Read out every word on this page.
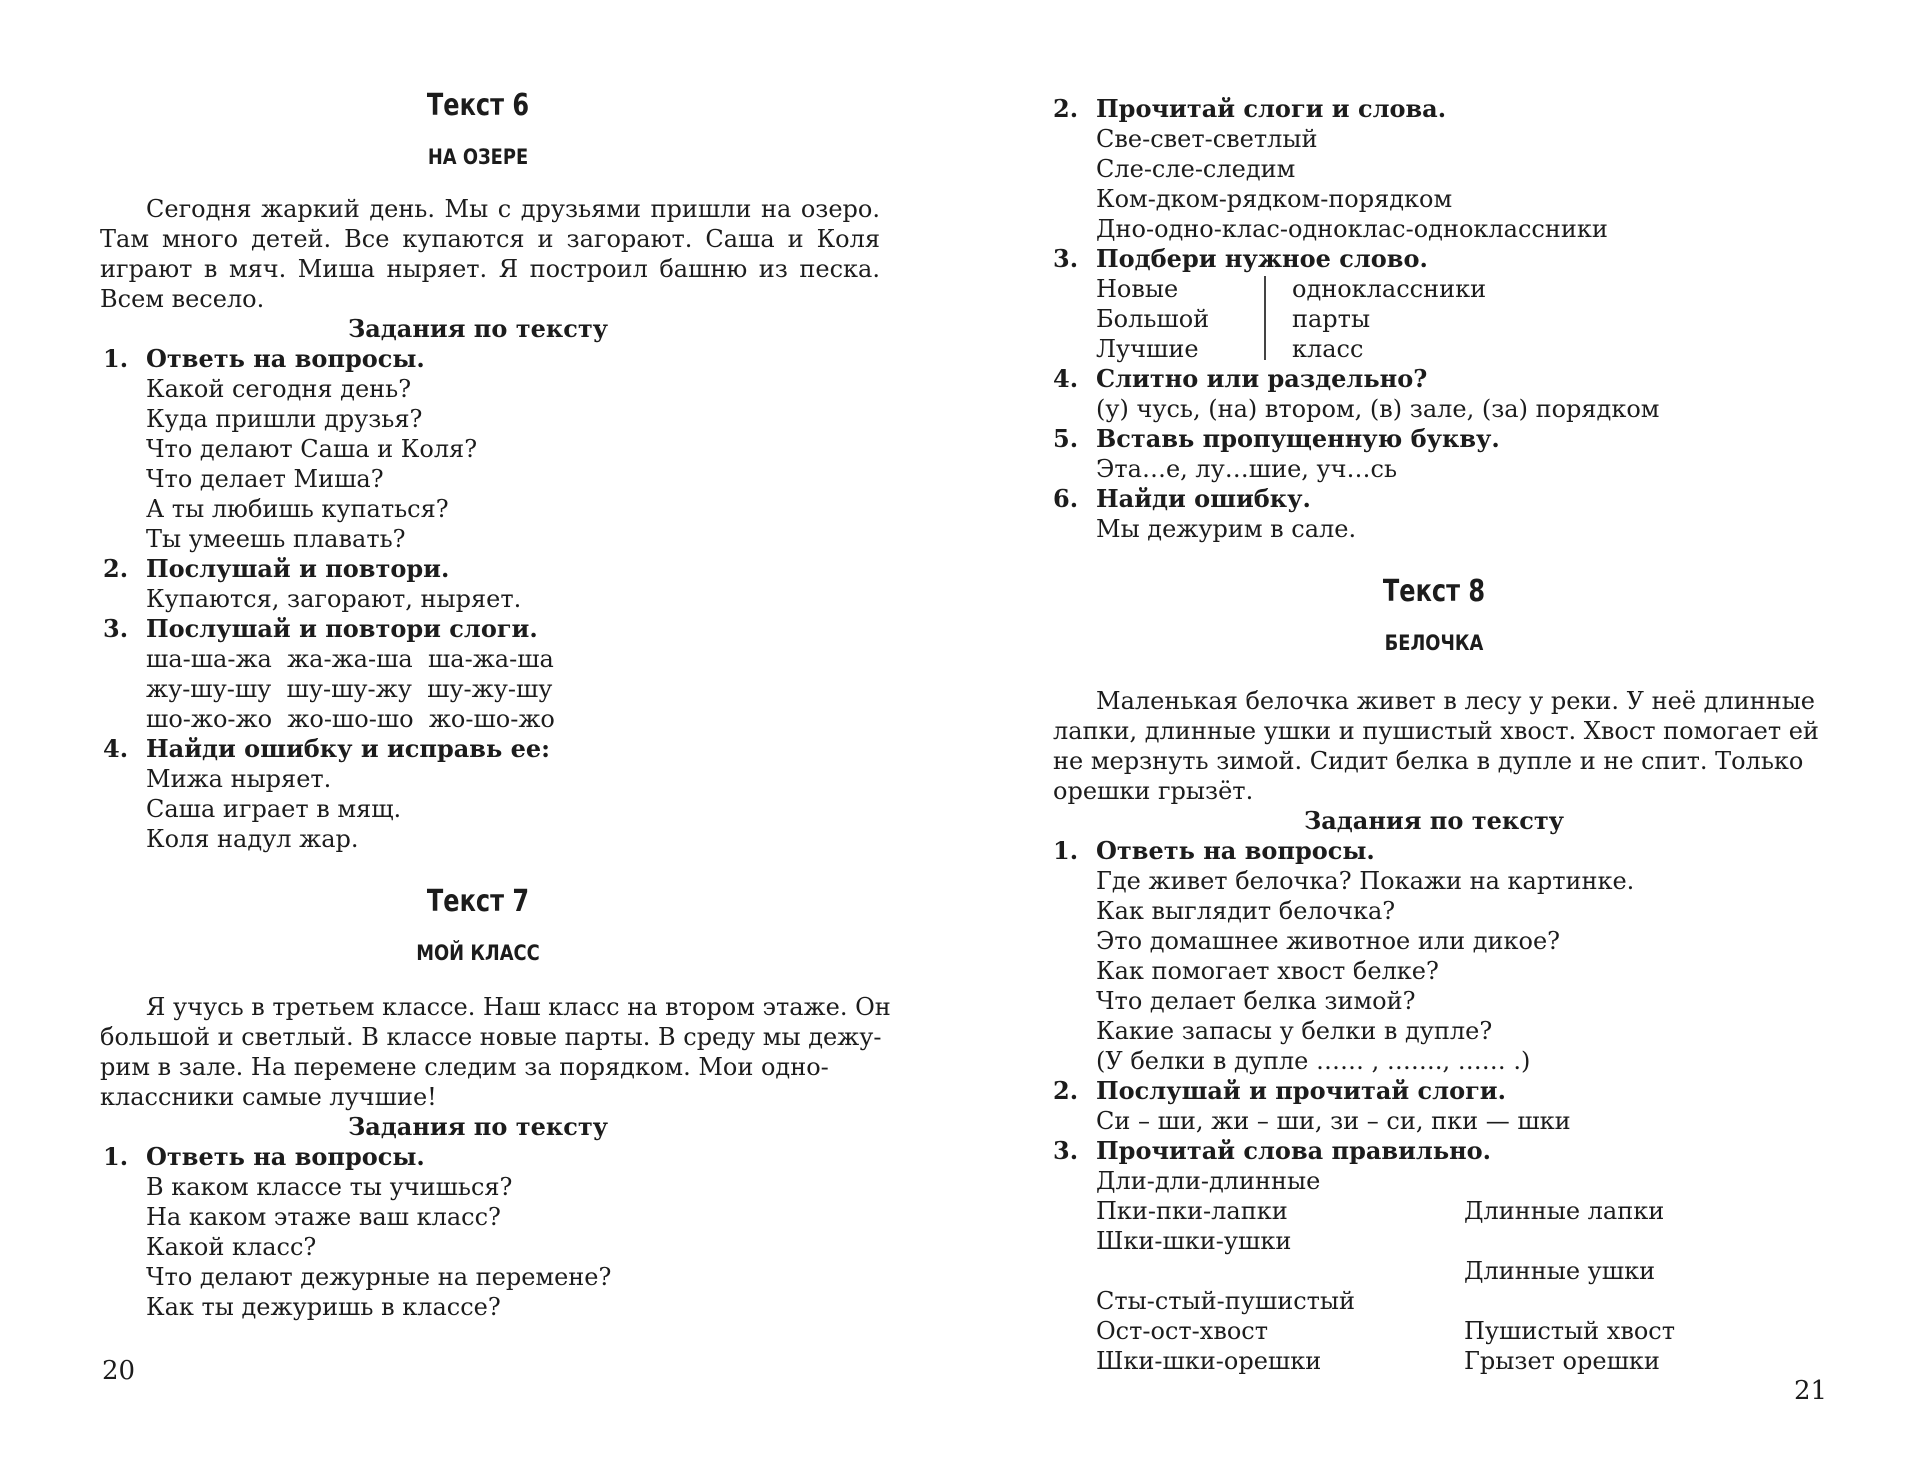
Текст 6
НА ОЗЕРЕ
Сегодня жаркий день. Мы с друзьями пришли на озеро. Там много детей. Все купаются и загорают. Саша и Коля играют в мяч. Миша ныряет. Я построил башню из песка. Всем весело.
Задания по тексту
1. Ответь на вопросы.
Какой сегодня день?
Куда пришли друзья?
Что делают Саша и Коля?
Что делает Миша?
А ты любишь купаться?
Ты умеешь плавать?
2. Послушай и повтори.
Купаются, загорают, ныряет.
3. Послушай и повтори слоги.
ша-ша-жа  жа-жа-ша  ша-жа-ша
жу-шу-шу  шу-шу-жу  шу-жу-шу
шо-жо-жо  жо-шо-шо  жо-шо-жо
4. Найди ошибку и исправь ее:
Мижа ныряет.
Саша играет в мящ.
Коля надул жар.
Текст 7
МОЙ КЛАСС
Я учусь в третьем классе. Наш класс на втором этаже. Он
большой и светлый. В классе новые парты. В среду мы дежу-
рим в зале. На перемене следим за порядком. Мои одно-
классники самые лучшие!
Задания по тексту
1. Ответь на вопросы.
В каком классе ты учишься?
На каком этаже ваш класс?
Какой класс?
Что делают дежурные на перемене?
Как ты дежуришь в классе?
20
2. Прочитай слоги и слова.
Све-свет-светлый
Сле-сле-следим
Ком-дком-рядком-порядком
Дно-одно-клас-одноклас-одноклассники
3. Подбери нужное слово.
Новые
Большой
Лучшие
одноклассники
парты
класс
4. Слитно или раздельно?
(у) чусь, (на) втором, (в) зале, (за) порядком
5. Вставь пропущенную букву.
Эта…е, лу…шие, уч…сь
6. Найди ошибку.
Мы дежурим в сале.
Текст 8
БЕЛОЧКА
Маленькая белочка живет в лесу у реки. У неё длинные
лапки, длинные ушки и пушистый хвост. Хвост помогает ей
не мерзнуть зимой. Сидит белка в дупле и не спит. Только
орешки грызёт.
Задания по тексту
1. Ответь на вопросы.
Где живет белочка? Покажи на картинке.
Как выглядит белочка?
Это домашнее животное или дикое?
Как помогает хвост белке?
Что делает белка зимой?
Какие запасы у белки в дупле?
(У белки в дупле …… , ……., …… .)
2. Послушай и прочитай слоги.
Си – ши, жи – ши, зи – си, пки — шки
3. Прочитай слова правильно.
Дли-дли-длинные
Пки-пки-лапки
Шки-шки-ушки
Сты-стый-пушистый
Ост-ост-хвост
Шки-шки-орешки
Длинные лапки
Длинные ушки
Пушистый хвост
Грызет орешки
21
